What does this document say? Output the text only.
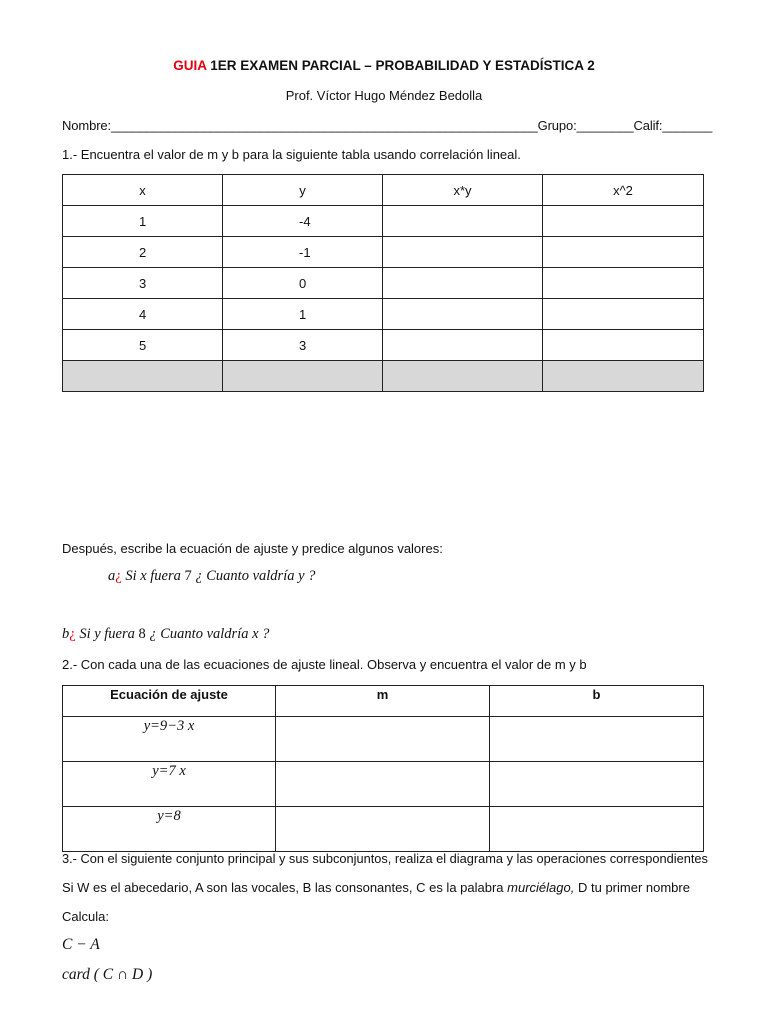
GUIA 1ER EXAMEN PARCIAL – PROBABILIDAD Y ESTADÍSTICA 2
Prof. Víctor Hugo Méndez Bedolla
Nombre:____________________________________________________________Grupo:________Calif:_______
1.- Encuentra el valor de m y b para la siguiente tabla usando correlación lineal.
x	y	x*y	x^2
1	-4		
2	-1		
3	0		
4	1		
5	3		

Después, escribe la ecuación de ajuste y predice algunos valores:
a¿ Si x fuera 7 ¿ Cuanto valdría y ?
b¿ Si y fuera 8 ¿ Cuanto valdría x ?
2.- Con cada una de las ecuaciones de ajuste lineal. Observa y encuentra el valor de m y b
Ecuación de ajuste	m	b
y=9−3 x		
y=7 x		
y=8		
3.- Con el siguiente conjunto principal y sus subconjuntos, realiza el diagrama y las operaciones correspondientes
Si W es el abecedario, A son las vocales, B las consonantes, C es la palabra murciélago, D tu primer nombre
Calcula:
C − A
card ( C ∩ D )
